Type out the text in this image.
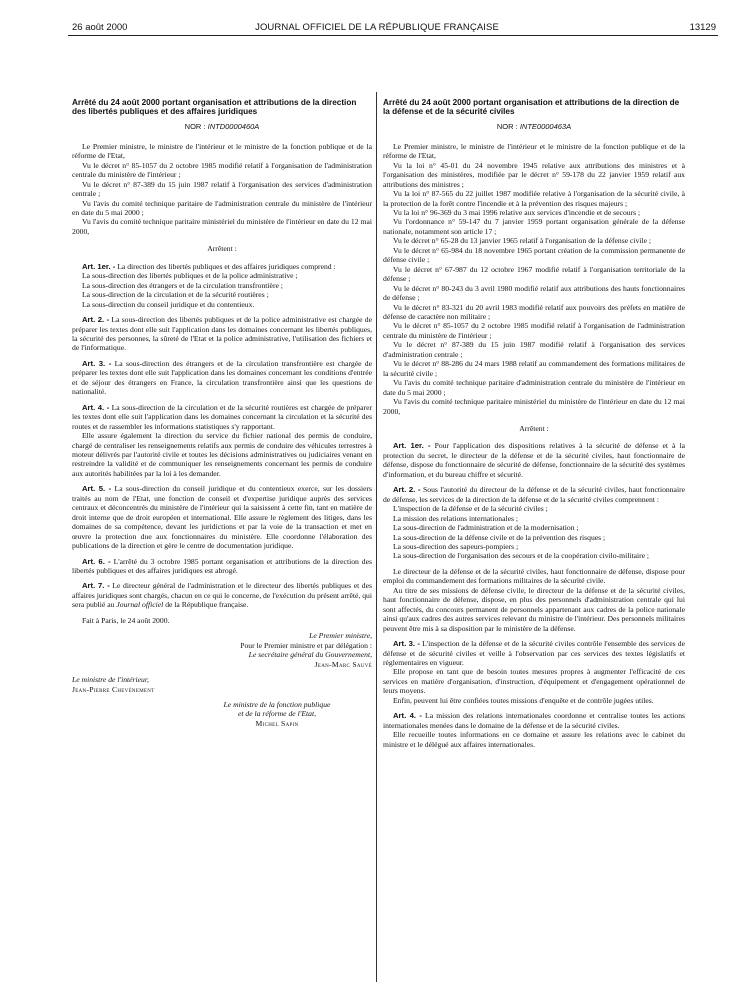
26 août 2000	JOURNAL OFFICIEL DE LA RÉPUBLIQUE FRANÇAISE	13129
Arrêté du 24 août 2000 portant organisation et attributions de la direction des libertés publiques et des affaires juridiques
NOR : INTD0000460A

Le Premier ministre, le ministre de l'intérieur et le ministre de la fonction publique et de la réforme de l'Etat,

Vu le décret n° 85-1057 du 2 octobre 1985 modifié relatif à l'organisation de l'administration centrale du ministère de l'intérieur ;

Vu le décret n° 87-389 du 15 juin 1987 relatif à l'organisation des services d'administration centrale ;

Vu l'avis du comité technique paritaire de l'administration centrale du ministère de l'intérieur en date du 5 mai 2000 ;

Vu l'avis du comité technique paritaire ministériel du ministère de l'intérieur en date du 12 mai 2000,

Arrêtent :

Art. 1er. - La direction des libertés publiques et des affaires juridiques comprend :

La sous-direction des libertés publiques et de la police administrative ;

La sous-direction des étrangers et de la circulation transfrontière ;

La sous-direction de la circulation et de la sécurité routières ;

La sous-direction du conseil juridique et du contentieux.

Art. 2. - La sous-direction des libertés publiques et de la police administrative est chargée de préparer les textes dont elle suit l'application dans les domaines concernant les libertés publiques, la sécurité des personnes, la sûreté de l'Etat et la police administrative, l'utilisation des fichiers et de l'informatique.

Art. 3. - La sous-direction des étrangers et de la circulation transfrontière est chargée de préparer les textes dont elle suit l'application dans les domaines concernant les conditions d'entrée et de séjour des étrangers en France, la circulation transfrontière ainsi que les questions de nationalité.

Art. 4. - La sous-direction de la circulation et de la sécurité routières est chargée de préparer les textes dont elle suit l'application dans les domaines concernant la circulation et la sécurité des routes et de rassembler les informations statistiques s'y rapportant.

Elle assure également la direction du service du fichier national des permis de conduire, chargé de centraliser les renseignements relatifs aux permis de conduire des véhicules terrestres à moteur délivrés par l'autorité civile et toutes les décisions administratives ou judiciaires venant en restreindre la validité et de communiquer les renseignements concernant les permis de conduire aux autorités habilitées par la loi à les demander.

Art. 5. - La sous-direction du conseil juridique et du contentieux exerce, sur les dossiers traités au nom de l'Etat, une fonction de conseil et d'expertise juridique auprès des services centraux et déconcentrés du ministère de l'intérieur qui la saisissent à cette fin, tant en matière de droit interne que de droit européen et international. Elle assure le règlement des litiges, dans les domaines de sa compétence, devant les juridictions et par la voie de la transaction et met en œuvre la protection due aux fonctionnaires du ministère. Elle coordonne l'élaboration des publications de la direction et gère le centre de documentation juridique.

Art. 6. - L'arrêté du 3 octobre 1985 portant organisation et attributions de la direction des libertés publiques et des affaires juridiques est abrogé.

Art. 7. - Le directeur général de l'administration et le directeur des libertés publiques et des affaires juridiques sont chargés, chacun en ce qui le concerne, de l'exécution du présent arrêté, qui sera publié au Journal officiel de la République française.

Fait à Paris, le 24 août 2000.

Le Premier ministre,

Pour le Premier ministre et par délégation :

Le secrétaire général du Gouvernement,

Jean-Marc Sauvé

Le ministre de l'intérieur,

Jean-Pierre Chevènement

Le ministre de la fonction publique

et de la réforme de l'Etat,

Michel Sapin

Arrêté du 24 août 2000 portant organisation et attributions de la direction de la défense et de la sécurité civiles
NOR : INTE0000463A

Le Premier ministre, le ministre de l'intérieur et le ministre de la fonction publique et de la réforme de l'Etat,

Vu la loi n° 45-01 du 24 novembre 1945 relative aux attributions des ministres et à l'organisation des ministères, modifiée par le décret n° 59-178 du 22 janvier 1959 relatif aux attributions des ministres ;

Vu la loi n° 87-565 du 22 juillet 1987 modifiée relative à l'organisation de la sécurité civile, à la protection de la forêt contre l'incendie et à la prévention des risques majeurs ;

Vu la loi n° 96-369 du 3 mai 1996 relative aux services d'incendie et de secours ;

Vu l'ordonnance n° 59-147 du 7 janvier 1959 portant organisation générale de la défense nationale, notamment son article 17 ;

Vu le décret n° 65-28 du 13 janvier 1965 relatif à l'organisation de la défense civile ;

Vu le décret n° 65-984 du 18 novembre 1965 portant création de la commission permanente de défense civile ;

Vu le décret n° 67-987 du 12 octobre 1967 modifié relatif à l'organisation territoriale de la défense ;

Vu le décret n° 80-243 du 3 avril 1980 modifié relatif aux attributions des hauts fonctionnaires de défense ;

Vu le décret n° 83-321 du 20 avril 1983 modifié relatif aux pouvoirs des préfets en matière de défense de caractère non militaire ;

Vu le décret n° 85-1057 du 2 octobre 1985 modifié relatif à l'organisation de l'administration centrale du ministère de l'intérieur ;

Vu le décret n° 87-389 du 15 juin 1987 modifié relatif à l'organisation des services d'administration centrale ;

Vu le décret n° 88-286 du 24 mars 1988 relatif au commandement des formations militaires de la sécurité civile ;

Vu l'avis du comité technique paritaire d'administration centrale du ministère de l'intérieur en date du 5 mai 2000 ;

Vu l'avis du comité technique paritaire ministériel du ministère de l'intérieur en date du 12 mai 2000,

Arrêtent :

Art. 1er. - Pour l'application des dispositions relatives à la sécurité de défense et à la protection du secret, le directeur de la défense et de la sécurité civiles, haut fonctionnaire de défense, dispose du fonctionnaire de sécurité de défense, fonctionnaire de la sécurité des systèmes d'information, et du bureau chiffre et sécurité.

Art. 2. - Sous l'autorité du directeur de la défense et de la sécurité civiles, haut fonctionnaire de défense, les services de la direction de la défense et de la sécurité civiles comprennent :

L'inspection de la défense et de la sécurité civiles ;

La mission des relations internationales ;

La sous-direction de l'administration et de la modernisation ;

La sous-direction de la défense civile et de la prévention des risques ;

La sous-direction des sapeurs-pompiers ;

La sous-direction de l'organisation des secours et de la coopération civilo-militaire ;

Le directeur de la défense et de la sécurité civiles, haut fonctionnaire de défense, dispose pour emploi du commandement des formations militaires de la sécurité civile.

Au titre de ses missions de défense civile, le directeur de la défense et de la sécurité civiles, haut fonctionnaire de défense, dispose, en plus des personnels d'administration centrale qui lui sont affectés, du concours permanent de personnels appartenant aux cadres de la police nationale ainsi qu'aux cadres des autres services relevant du ministre de l'intérieur. Des personnels militaires peuvent être mis à sa disposition par le ministère de la défense.

Art. 3. - L'inspection de la défense et de la sécurité civiles contrôle l'ensemble des services de défense et de sécurité civiles et veille à l'observation par ces services des textes législatifs et réglementaires en vigueur.

Elle propose en tant que de besoin toutes mesures propres à augmenter l'efficacité de ces services en matière d'organisation, d'instruction, d'équipement et d'engagement opérationnel de leurs moyens.

Enfin, peuvent lui être confiées toutes missions d'enquête et de contrôle jugées utiles.

Art. 4. - La mission des relations internationales coordonne et centralise toutes les actions internationales menées dans le domaine de la défense et de la sécurité civiles.

Elle recueille toutes informations en ce domaine et assure les relations avec le cabinet du ministre et le délégué aux affaires internationales.
